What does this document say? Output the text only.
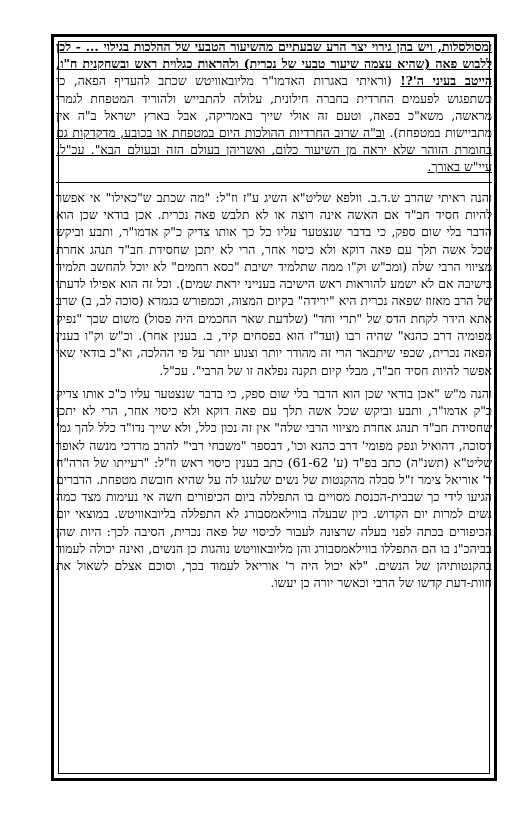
ומסולסלות, ויש בהן גירוי יצר הרע שבעתיים מהשיעור הטבעי של ההלכות בגילוי ... - לכן ללבוש פאה (שהיא עצמה שיעור טבעי של נכרית) ולהראות כגלוית ראש ובשחקנית ח"ו, הייטב בעיני ה'?! (וראיתי באגרות האדמו"ר מליובאוויטש שכתב להעדיף הפאה, כי כשתפגוש לפעמים החרדית בחברה חילונית, עלולה להתבייש ולהוריד המטפחת לגמרי מראשה, משא"כ בפאה, וטעם זה אולי שייך באמריקה, אבל בארץ ישראל ב"ה אין מתביישות במטפחת). וב"ה שרוב החרדיות ההולכות היום במטפחת או בכובע, מדקדקות גם בחומרת הזוהר שלא יראה מן השיעור כלום, ואשריהן בעולם הזה ובעולם הבא". עכ"ל. עיי"ש באורך.

והנה ראיתי שהרב ש.ד.ב. וולפא שליט"א השיג ע"ז וז"ל: "מה שכתב ש"כאילו" אי אפשר להיות חסיד חב"ד אם האשה אינה רוצה או לא תלבש פאה נכרית. אכן בודאי שכן הוא הדבר בלי שום ספק, כי בדבר שנצטער עליו כל כך אותו צדיק כ"ק אדמו"ר, ותבע וביקש שכל אשה תלך עם פאה דוקא ולא כיסוי אחר, הרי לא יתכן שחסידת חב"ד תנהג אחרת מציווי הרבי שלה (ומכ"ש וק"ו ממה שתלמיד ישיבת "כסא רחמים" לא יוכל להחשב תלמיד בישיבה אם לא ישמע להוראות ראש הישיבה בענייני יראת שמים). וכל זה הוא אפילו לדעתו של הרב מאזוז שפאה נכרית היא "ירידה" בקיום המצוה, וכמפורש בגמרא (סוכה לב, ב) שרב אתא הידר לקחת הדס של "תרי וחד" (שלדעת שאר החכמים היה פסול) משום שכך "נפיק מפומיה דרב כהנא" שהיה רבו (ועד"ז הוא בפסחים קיד, ב. בענין אחר). וכ"ש וק"ו בענין הפאה נכרית, שכפי שיתבאר הרי זה מהודר יותר וצנוע יותר על פי ההלכה, וא"כ בודאי שאי אפשר להיות חסיד חב"ד, מבלי קיום תקנה נפלאה זו של הרבי". עכ"ל.

והנה מ"ש "אכן בודאי שכן הוא הדבר בלי שום ספק, כי בדבר שנצטער עליו כ"כ אותו צדיק כ"ק אדמו"ר, ותבע וביקש שכל אשה תלך עם פאה דוקא ולא כיסוי אחר, הרי לא יתכן שחסידת חב"ד תנהג אחרת מציווי הרבי שלה" אין זה נכון כלל, ולא שייך נדו"ד כלל להך גמ' דסוכה, דהואיל ונפק מפומי' דרב כהנא וכו', דבספר "משבחי רבי" להרב מרדכי מנשה לאופר שליט"א (תשנ"ה) כתב בפ"ד (ע' 61-62) כתב בענין כיסוי ראש וז"ל: "רעייתו של הרה"ח ר' אוריאל צימר ז"ל סבלה מהקנטות של נשים שלעגו לה על שהיא חובשת מטפחת. הדברים הגיעו לידי כך שבבית-הכנסת מסויים בו התפללה ביום הכיפורים חשה אי נעימות מצד כמה נשים למרות יום הקדוש. כיון שבעלה בווילאמסבורג לא התפללה בליובאוויטש. במוצאי יום הכיפורים בכתה לפני בעלה שרצונה לעבור לכיסוי של פאה נכרית, הסיבה לכך: היות שהן בביהכ"נ בו הם התפללו בווילאמסבורג והן מליובאוויטש נוהגות כן הנשים, ואינה יכולה לעמוד בהקנטותיהן של הנשים. "לא יכול היה ר' אוריאל לעמוד בכך, וסוכם אצלם לשאול את חוות-דעת קדשו של הרבי וכאשר יורה כן יעשו.
